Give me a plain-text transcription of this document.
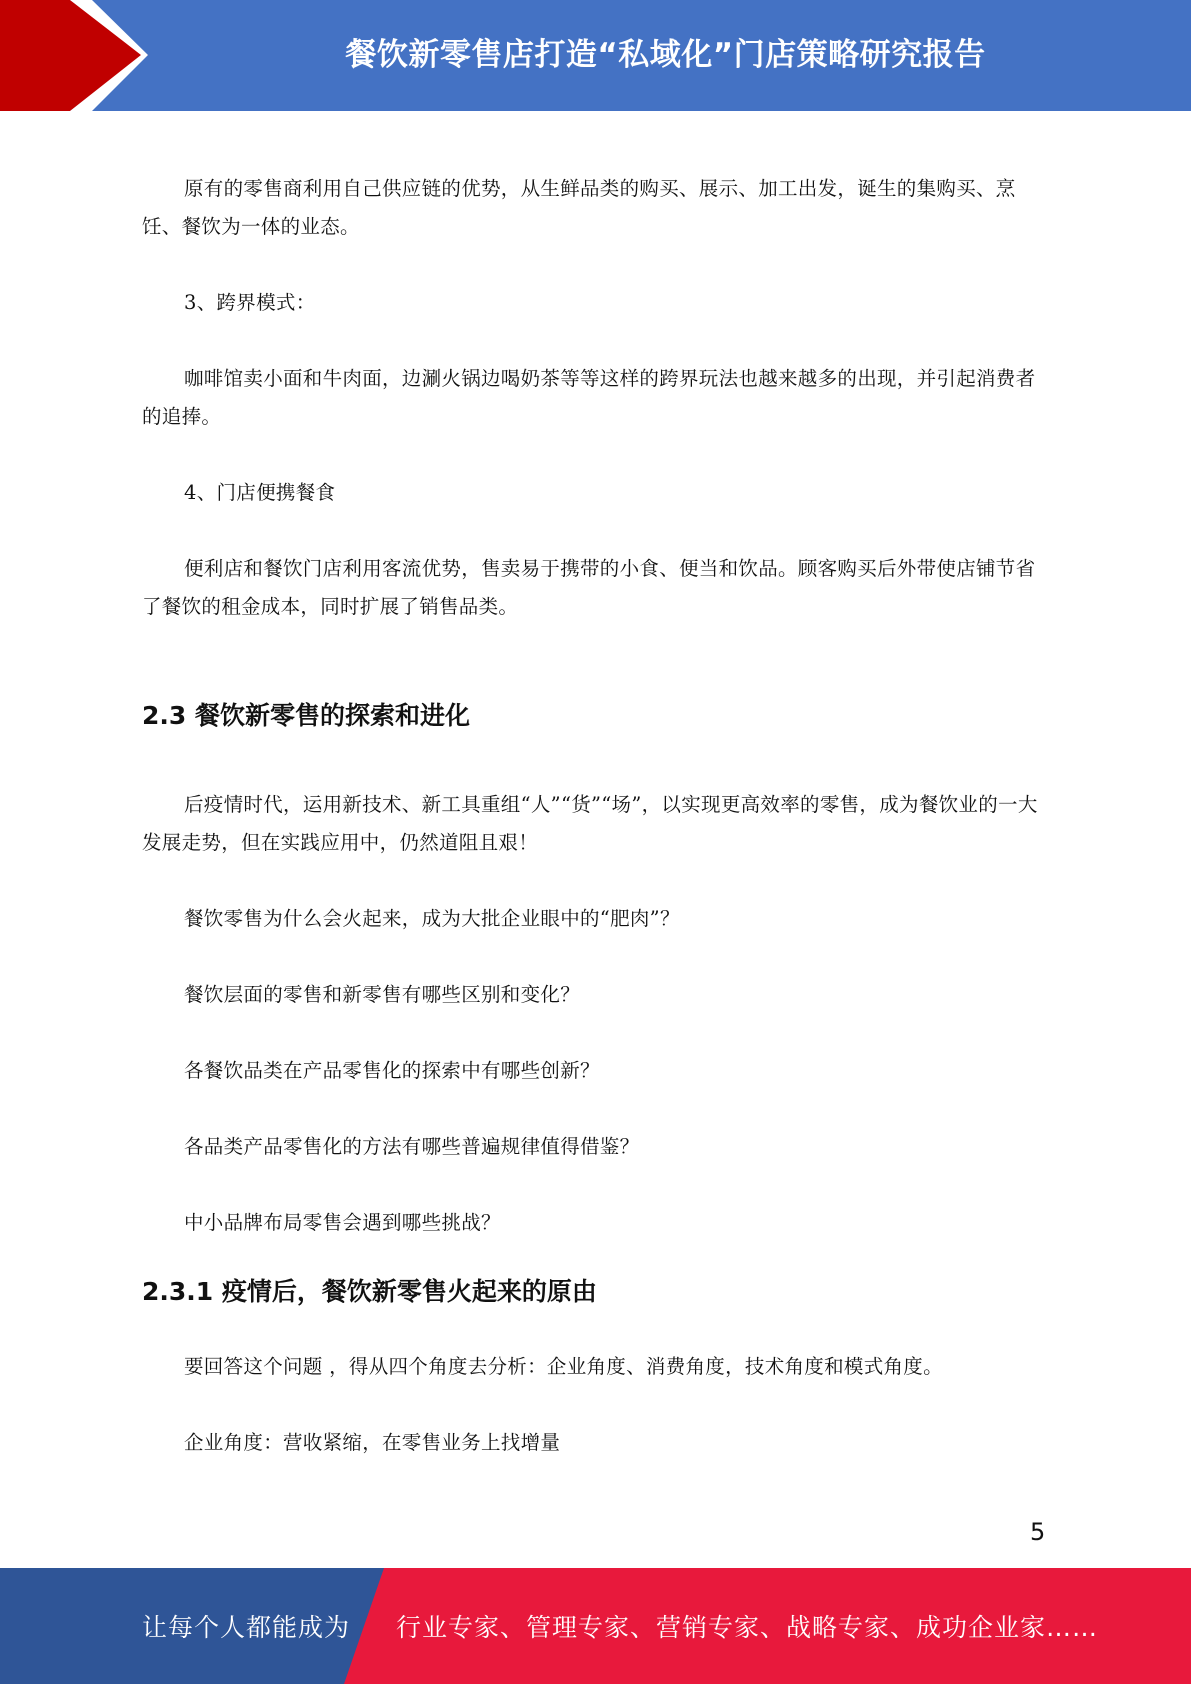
餐饮新零售店打造“私域化”门店策略研究报告

原有的零售商利用自己供应链的优势，从生鲜品类的购买、展示、加工出发，诞生的集购买、烹饪、餐饮为一体的业态。

3、跨界模式：

咖啡馆卖小面和牛肉面，边涮火锅边喝奶茶等等这样的跨界玩法也越来越多的出现，并引起消费者的追捧。

4、门店便携餐食

便利店和餐饮门店利用客流优势，售卖易于携带的小食、便当和饮品。顾客购买后外带使店铺节省了餐饮的租金成本，同时扩展了销售品类。

2.3 餐饮新零售的探索和进化

后疫情时代，运用新技术、新工具重组“人”“货”“场”，以实现更高效率的零售，成为餐饮业的一大发展走势，但在实践应用中，仍然道阻且艰！

餐饮零售为什么会火起来，成为大批企业眼中的“肥肉”？

餐饮层面的零售和新零售有哪些区别和变化？

各餐饮品类在产品零售化的探索中有哪些创新？

各品类产品零售化的方法有哪些普遍规律值得借鉴？

中小品牌布局零售会遇到哪些挑战？

2.3.1 疫情后，餐饮新零售火起来的原由

要回答这个问题 ，得从四个角度去分析：企业角度、消费角度，技术角度和模式角度。

企业角度：营收紧缩，在零售业务上找增量

5
让每个人都能成为 行业专家、管理专家、营销专家、战略专家、成功企业家……
